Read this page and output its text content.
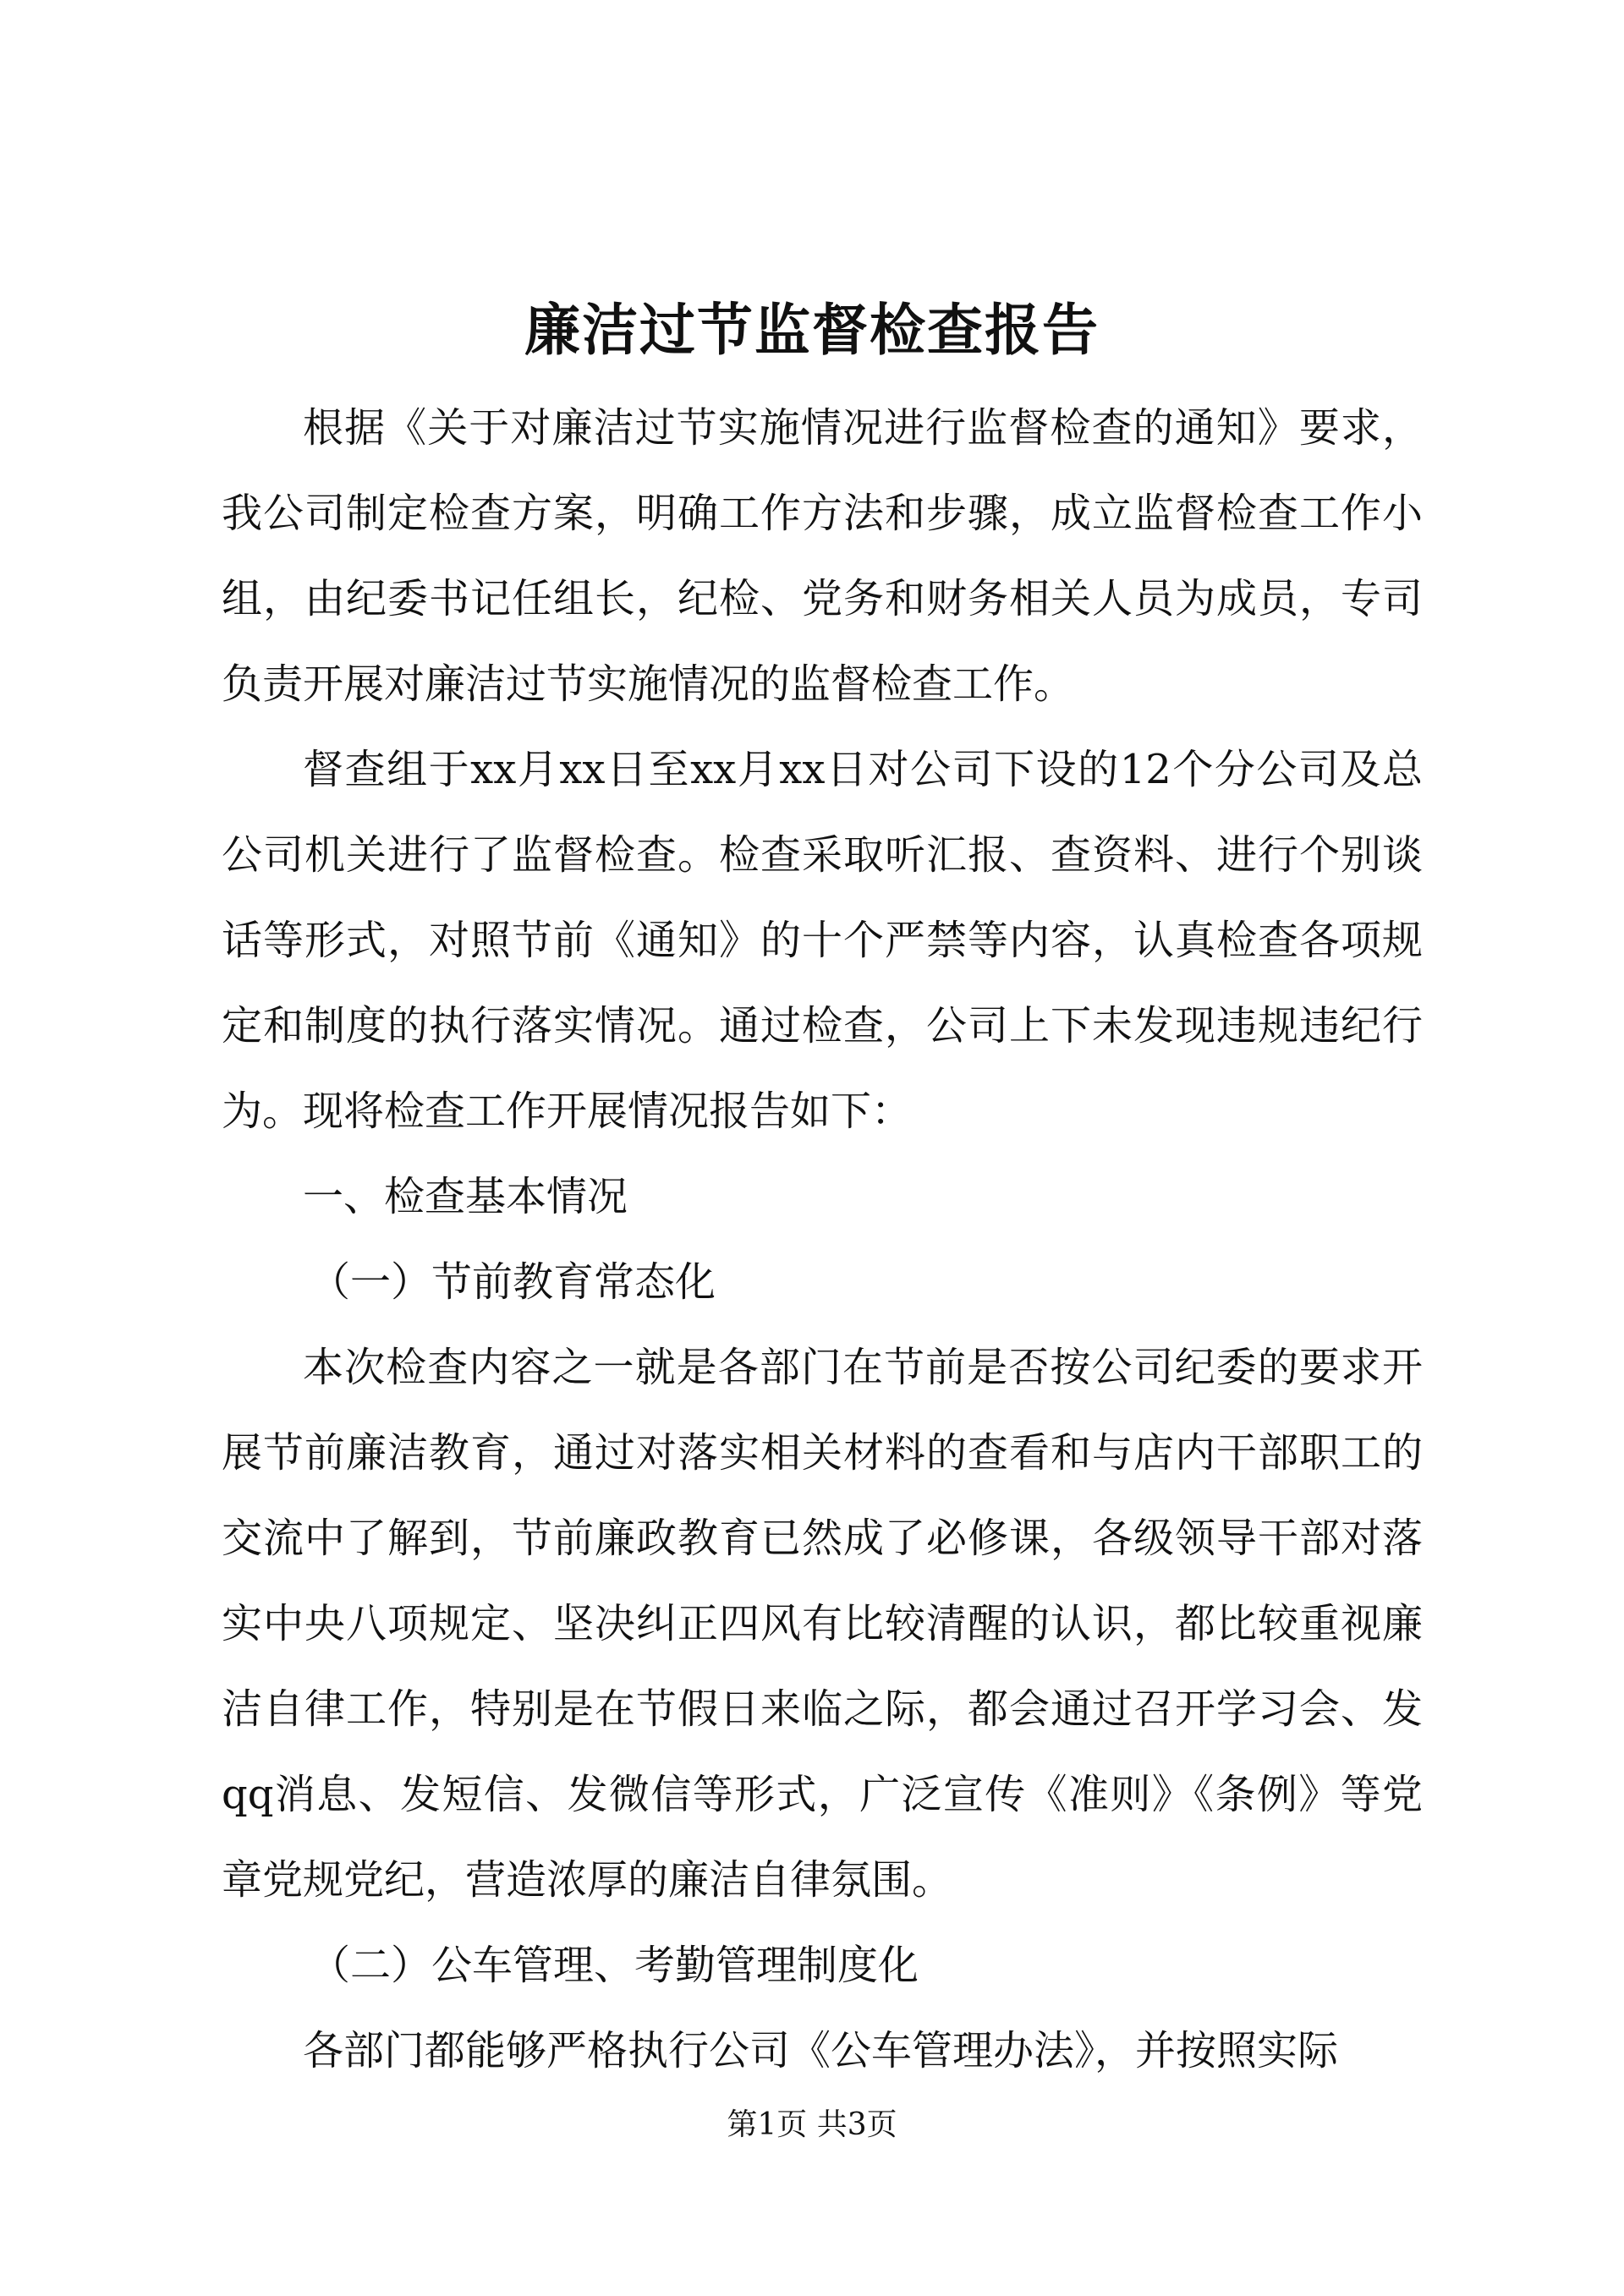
廉洁过节监督检查报告

根据《关于对廉洁过节实施情况进行监督检查的通知》要求，我公司制定检查方案，明确工作方法和步骤，成立监督检查工作小组，由纪委书记任组长，纪检、党务和财务相关人员为成员，专司负责开展对廉洁过节实施情况的监督检查工作。

督查组于xx月xx日至xx月xx日对公司下设的12个分公司及总公司机关进行了监督检查。检查采取听汇报、查资料、进行个别谈话等形式，对照节前《通知》的十个严禁等内容，认真检查各项规定和制度的执行落实情况。通过检查，公司上下未发现违规违纪行为。现将检查工作开展情况报告如下：

一、检查基本情况

（一）节前教育常态化

本次检查内容之一就是各部门在节前是否按公司纪委的要求开展节前廉洁教育，通过对落实相关材料的查看和与店内干部职工的交流中了解到，节前廉政教育已然成了必修课，各级领导干部对落实中央八项规定、坚决纠正四风有比较清醒的认识，都比较重视廉洁自律工作，特别是在节假日来临之际，都会通过召开学习会、发qq消息、发短信、发微信等形式，广泛宣传《准则》《条例》等党章党规党纪，营造浓厚的廉洁自律氛围。

（二）公车管理、考勤管理制度化

各部门都能够严格执行公司《公车管理办法》，并按照实际

第1页 共3页
